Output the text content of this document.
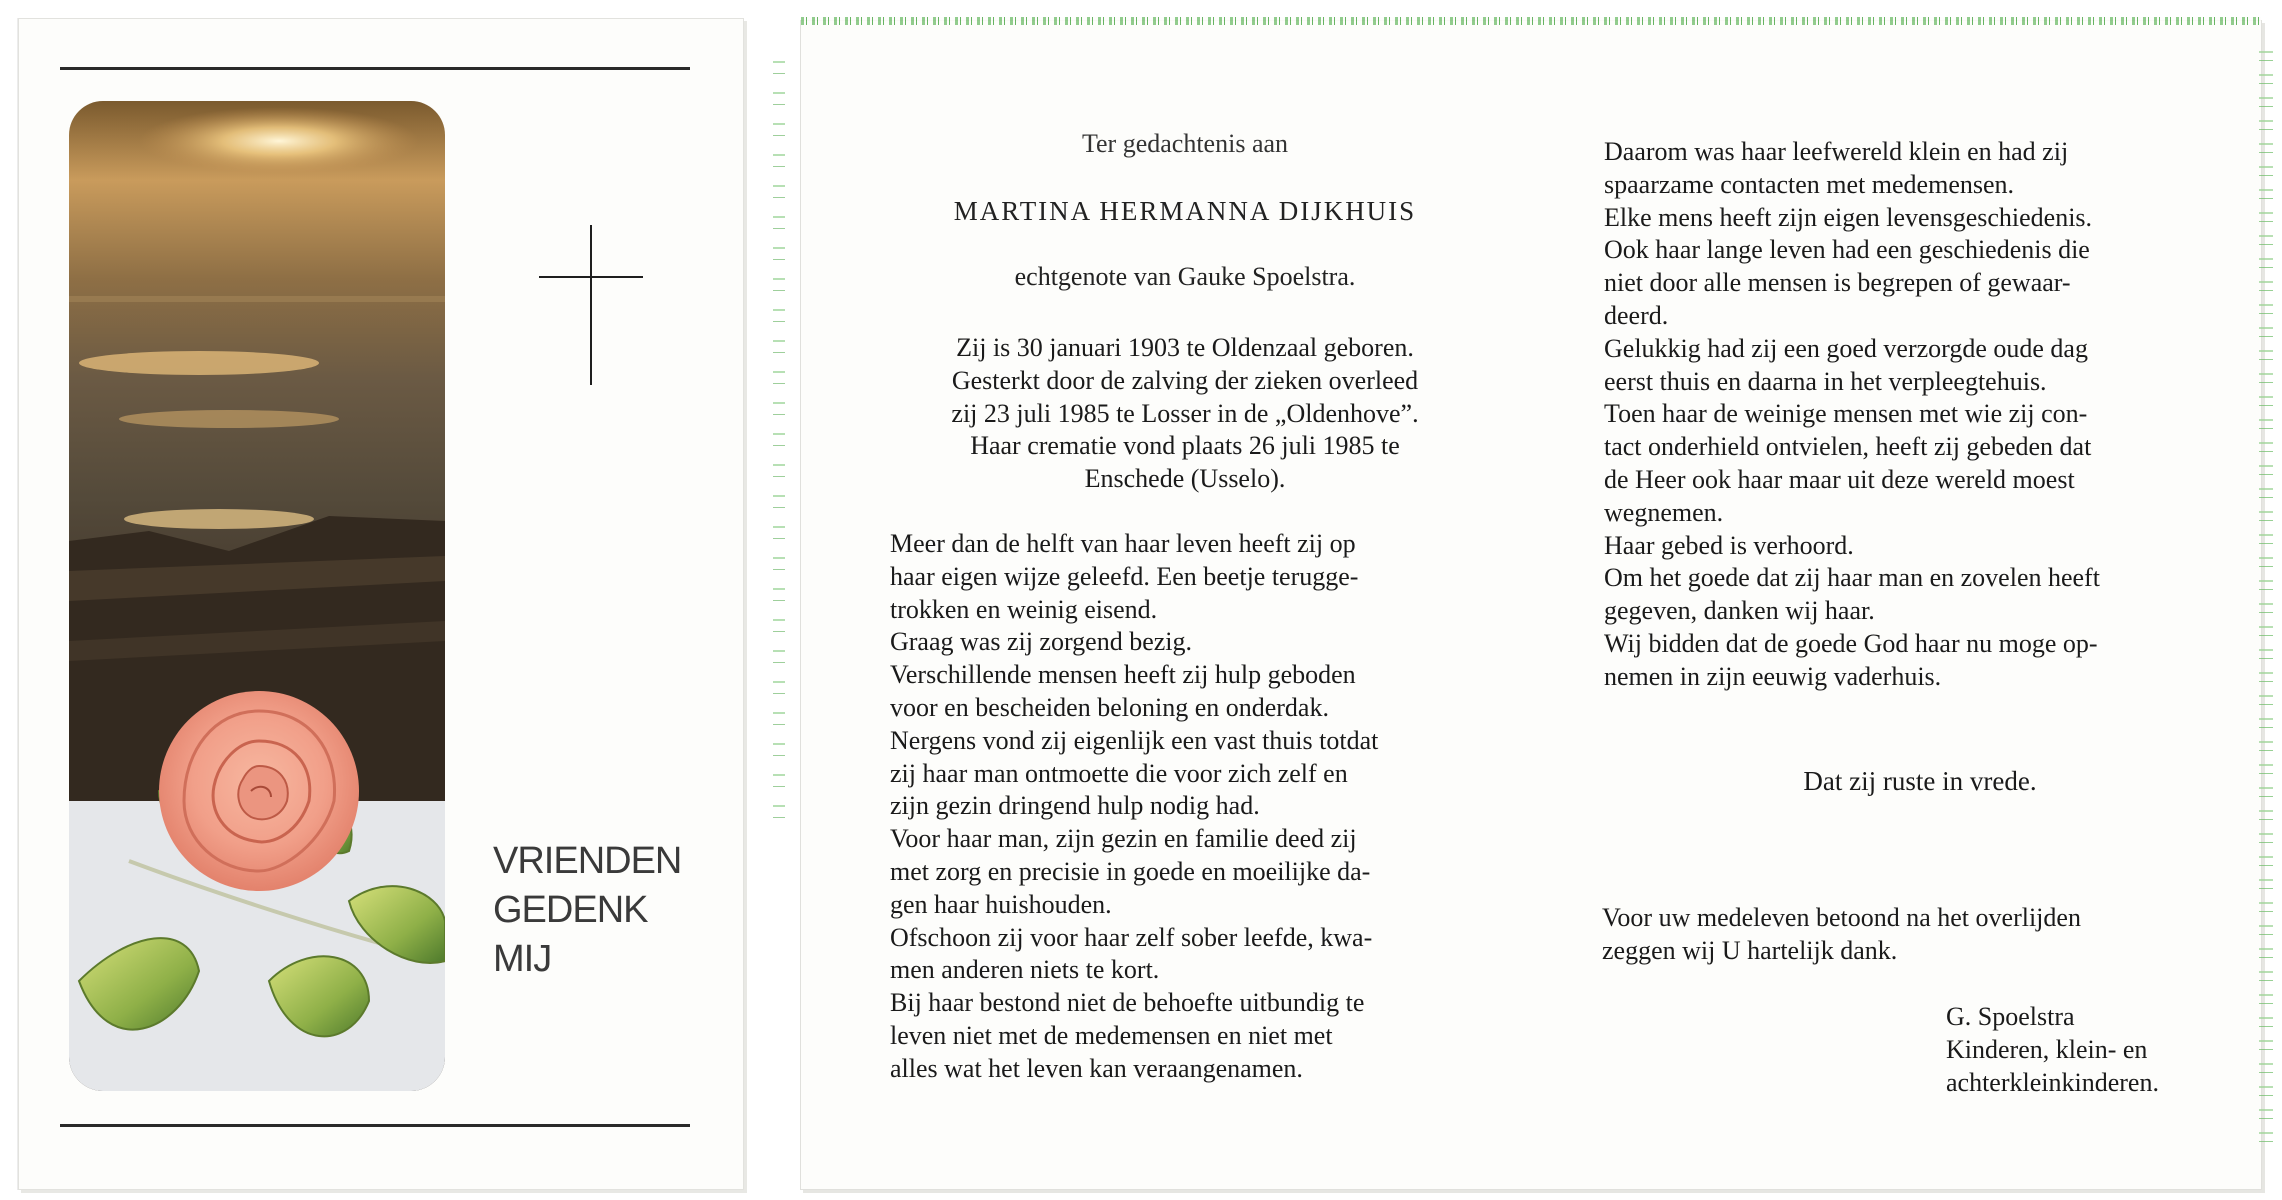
VRIENDEN
GEDENK
MIJ
Ter gedachtenis aan
MARTINA HERMANNA DIJKHUIS
echtgenote van Gauke Spoelstra.
Zij is 30 januari 1903 te Oldenzaal geboren.
Gesterkt door de zalving der zieken overleed
zij 23 juli 1985 te Losser in de „Oldenhove”.
Haar crematie vond plaats 26 juli 1985 te
Enschede (Usselo).
Meer dan de helft van haar leven heeft zij op
haar eigen wijze geleefd. Een beetje terugge-
trokken en weinig eisend.
Graag was zij zorgend bezig.
Verschillende mensen heeft zij hulp geboden
voor en bescheiden beloning en onderdak.
Nergens vond zij eigenlijk een vast thuis totdat
zij haar man ontmoette die voor zich zelf en
zijn gezin dringend hulp nodig had.
Voor haar man, zijn gezin en familie deed zij
met zorg en precisie in goede en moeilijke da-
gen haar huishouden.
Ofschoon zij voor haar zelf sober leefde, kwa-
men anderen niets te kort.
Bij haar bestond niet de behoefte uitbundig te
leven niet met de medemensen en niet met
alles wat het leven kan veraangenamen.
Daarom was haar leefwereld klein en had zij
spaarzame contacten met medemensen.
Elke mens heeft zijn eigen levensgeschiedenis.
Ook haar lange leven had een geschiedenis die
niet door alle mensen is begrepen of gewaar-
deerd.
Gelukkig had zij een goed verzorgde oude dag
eerst thuis en daarna in het verpleegtehuis.
Toen haar de weinige mensen met wie zij con-
tact onderhield ontvielen, heeft zij gebeden dat
de Heer ook haar maar uit deze wereld moest
wegnemen.
Haar gebed is verhoord.
Om het goede dat zij haar man en zovelen heeft
gegeven, danken wij haar.
Wij bidden dat de goede God haar nu moge op-
nemen in zijn eeuwig vaderhuis.
Dat zij ruste in vrede.
Voor uw medeleven betoond na het overlijden
zeggen wij U hartelijk dank.
G. Spoelstra
Kinderen, klein- en
achterkleinkinderen.
